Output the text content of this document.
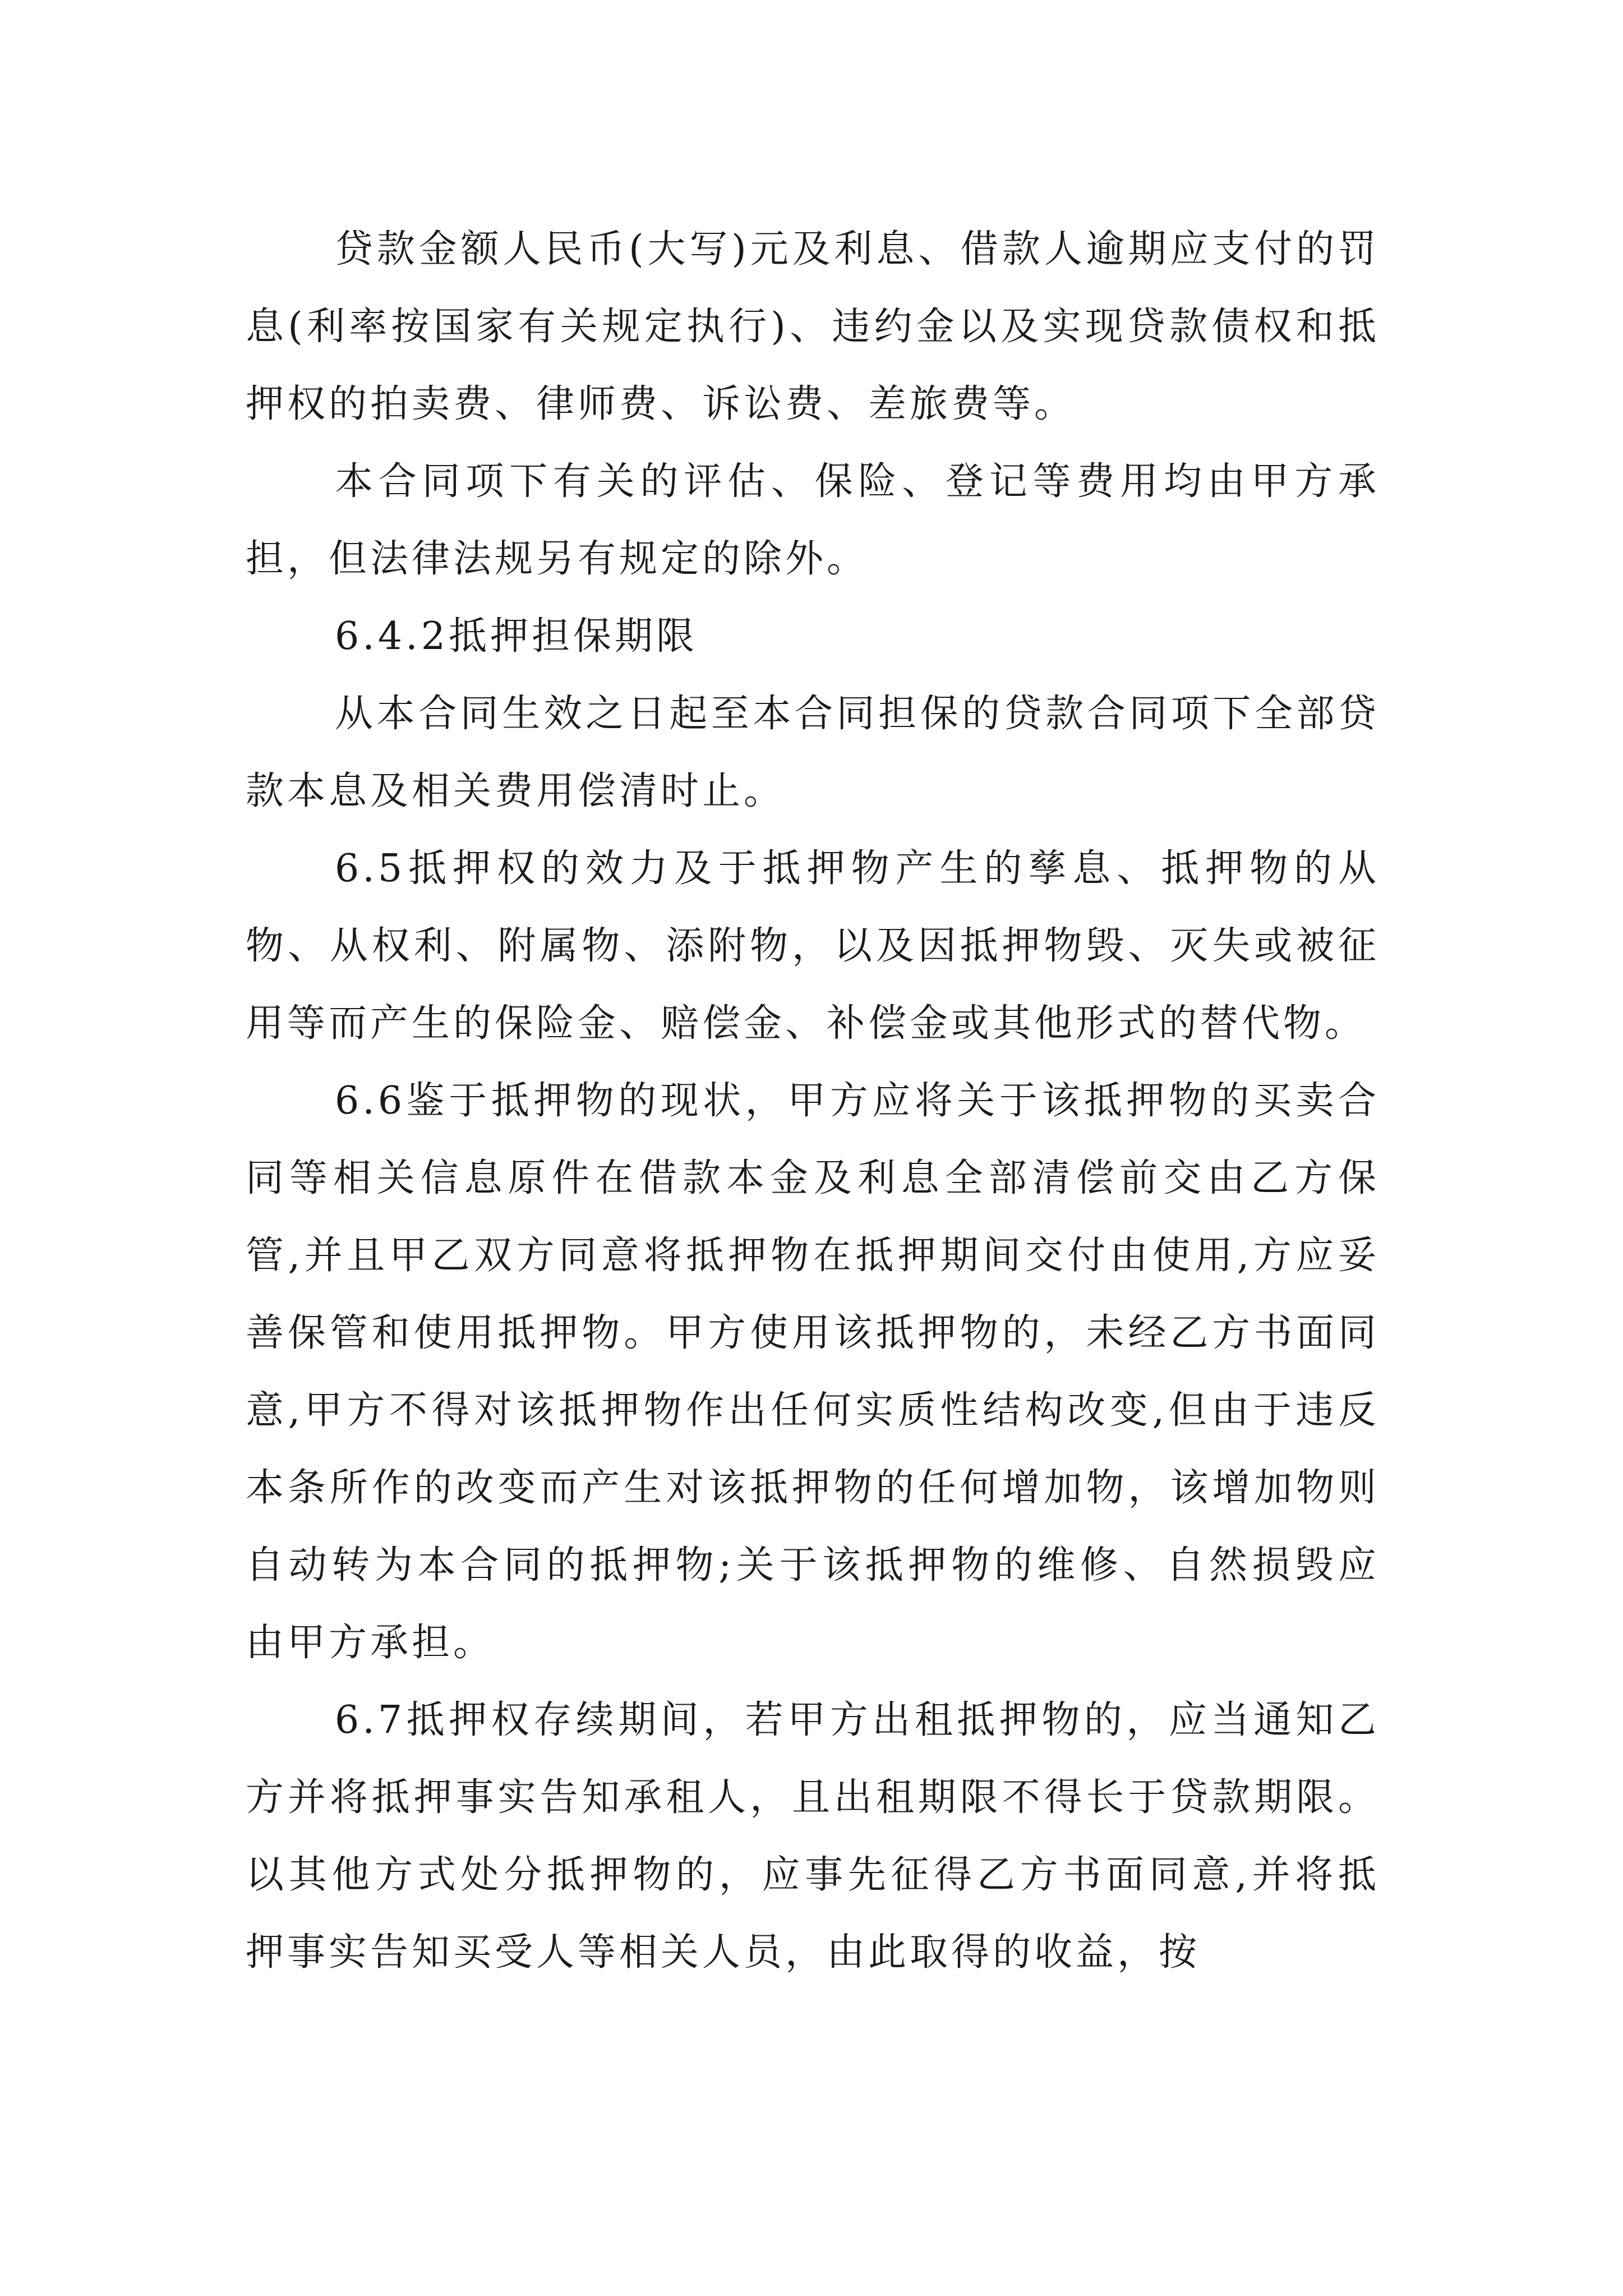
贷款金额人民币(大写)元及利息、借款人逾期应支付的罚息(利率按国家有关规定执行)、违约金以及实现贷款债权和抵押权的拍卖费、律师费、诉讼费、差旅费等。

本合同项下有关的评估、保险、登记等费用均由甲方承担，但法律法规另有规定的除外。

6.4.2抵押担保期限

从本合同生效之日起至本合同担保的贷款合同项下全部贷款本息及相关费用偿清时止。

6.5抵押权的效力及于抵押物产生的孳息、抵押物的从物、从权利、附属物、添附物，以及因抵押物毁、灭失或被征用等而产生的保险金、赔偿金、补偿金或其他形式的替代物。

6.6鉴于抵押物的现状，甲方应将关于该抵押物的买卖合同等相关信息原件在借款本金及利息全部清偿前交由乙方保管,并且甲乙双方同意将抵押物在抵押期间交付由使用,方应妥善保管和使用抵押物。甲方使用该抵押物的，未经乙方书面同意,甲方不得对该抵押物作出任何实质性结构改变,但由于违反本条所作的改变而产生对该抵押物的任何增加物，该增加物则自动转为本合同的抵押物;关于该抵押物的维修、自然损毁应由甲方承担。

6.7抵押权存续期间，若甲方出租抵押物的，应当通知乙方并将抵押事实告知承租人，且出租期限不得长于贷款期限。以其他方式处分抵押物的，应事先征得乙方书面同意,并将抵押事实告知买受人等相关人员，由此取得的收益，按
